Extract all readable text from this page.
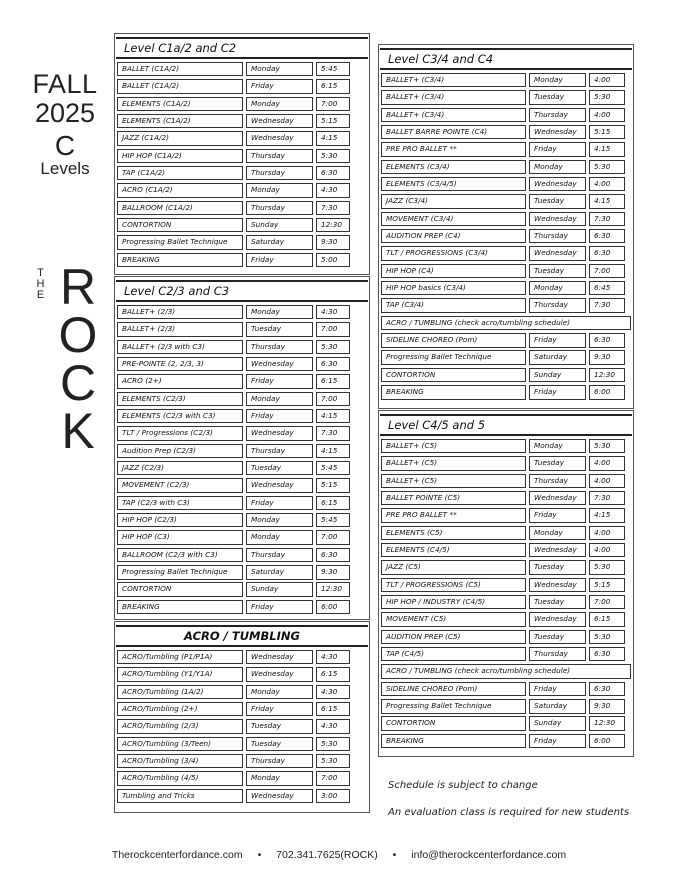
FALL
2025
C
Levels
T
H
E R
O
C
K
Level C1a/2 and C2
BALLET (C1A/2)	Monday	5:45
BALLET (C1A/2)	Friday	6:15
ELEMENTS (C1A/2)	Monday	7:00
ELEMENTS (C1A/2)	Wednesday	5:15
JAZZ (C1A/2)	Wednesday	4:15
HIP HOP (C1A/2)	Thursday	5:30
TAP (C1A/2)	Thursday	6:30
ACRO (C1A/2)	Monday	4:30
BALLROOM (C1A/2)	Thursday	7:30
CONTORTION	Sunday	12:30
Progressing Ballet Technique	Saturday	9:30
BREAKING	Friday	5:00
Level C2/3 and C3
BALLET+ (2/3)	Monday	4:30
BALLET+ (2/3)	Tuesday	7:00
BALLET+ (2/3 with C3)	Thursday	5:30
PRE-POINTE (2, 2/3, 3)	Wednesday	6:30
ACRO (2+)	Friday	6:15
ELEMENTS (C2/3)	Monday	7:00
ELEMENTS (C2/3 with C3)	Friday	4:15
TLT / Progressions (C2/3)	Wednesday	7:30
Audition Prep (C2/3)	Thursday	4:15
JAZZ (C2/3)	Tuesday	5:45
MOVEMENT (C2/3)	Wednesday	5:15
TAP (C2/3 with C3)	Friday	6:15
HIP HOP (C2/3)	Monday	5:45
HIP HOP (C3)	Monday	7:00
BALLROOM (C2/3 with C3)	Thursday	6:30
Progressing Ballet Technique	Saturday	9:30
CONTORTION	Sunday	12:30
BREAKING	Friday	6:00
ACRO / TUMBLING
ACRO/Tumbling (P1/P1A)	Wednesday	4:30
ACRO/Tumbling (Y1/Y1A)	Wednesday	6:15
ACRO/Tumbling (1A/2)	Monday	4:30
ACRO/Tumbling (2+)	Friday	6:15
ACRO/Tumbling (2/3)	Tuesday	4:30
ACRO/Tumbling (3/Teen)	Tuesday	5:30
ACRO/Tumbling (3/4)	Thursday	5:30
ACRO/Tumbling (4/5)	Monday	7:00
Tumbling and Tricks	Wednesday	3:00
Level C3/4 and C4
BALLET+ (C3/4)	Monday	4:00
BALLET+ (C3/4)	Tuesday	5:30
BALLET+ (C3/4)	Thursday	4:00
BALLET BARRE POINTE (C4)	Wednesday	5:15
PRE PRO BALLET **	Friday	4:15
ELEMENTS (C3/4)	Monday	5:30
ELEMENTS (C3/4/5)	Wednesday	4:00
JAZZ (C3/4)	Tuesday	4:15
MOVEMENT (C3/4)	Wednesday	7:30
AUDITION PREP (C4)	Thursday	6:30
TLT / PROGRESSIONS (C3/4)	Wednesday	6:30
HIP HOP (C4)	Tuesday	7:00
HIP HOP basics (C3/4)	Monday	6:45
TAP (C3/4)	Thursday	7:30
ACRO / TUMBLING (check acro/tumbling schedule)
SIDELINE CHOREO (Pom)	Friday	6:30
Progressing Ballet Technique	Saturday	9:30
CONTORTION	Sunday	12:30
BREAKING	Friday	6:00
Level C4/5 and 5
BALLET+ (C5)	Monday	5:30
BALLET+ (C5)	Tuesday	4:00
BALLET+ (C5)	Thursday	4:00
BALLET POINTE (C5)	Wednesday	7:30
PRE PRO BALLET **	Friday	4:15
ELEMENTS (C5)	Monday	4:00
ELEMENTS (C4/5)	Wednesday	4:00
JAZZ (C5)	Tuesday	5:30
TLT / PROGRESSIONS (C5)	Wednesday	5:15
HIP HOP / INDUSTRY (C4/5)	Tuesday	7:00
MOVEMENT (C5)	Wednesday	6:15
AUDITION PREP (C5)	Tuesday	5:30
TAP (C4/5)	Thursday	6:30
ACRO / TUMBLING (check acro/tumbling schedule)
SIDELINE CHOREO (Pom)	Friday	6:30
Progressing Ballet Technique	Saturday	9:30
CONTORTION	Sunday	12:30
BREAKING	Friday	6:00
Schedule is subject to change
An evaluation class is required for new students
Therockcenterfordance.com • 702.341.7625(ROCK) • info@therockcenterfordance.com
